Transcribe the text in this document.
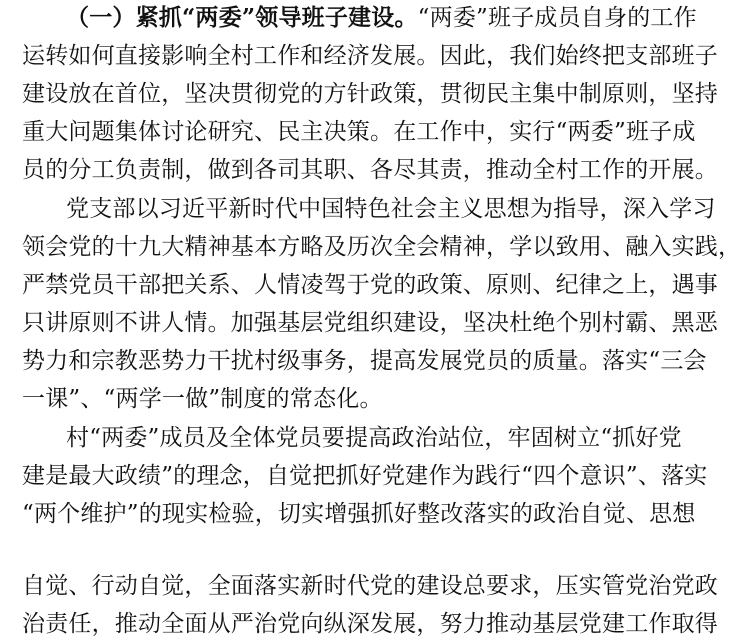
（一）紧抓“两委”领导班子建设。“两委”班子成员自身的工作
运转如何直接影响全村工作和经济发展。因此，我们始终把支部班子
建设放在首位，坚决贯彻党的方针政策，贯彻民主集中制原则，坚持
重大问题集体讨论研究、民主决策。在工作中，实行“两委”班子成
员的分工负责制，做到各司其职、各尽其责，推动全村工作的开展。
党支部以习近平新时代中国特色社会主义思想为指导，深入学习
领会党的十九大精神基本方略及历次全会精神，学以致用、融入实践，
严禁党员干部把关系、人情凌驾于党的政策、原则、纪律之上，遇事
只讲原则不讲人情。加强基层党组织建设，坚决杜绝个别村霸、黑恶
势力和宗教恶势力干扰村级事务，提高发展党员的质量。落实“三会
一课”、“两学一做”制度的常态化。
村“两委”成员及全体党员要提高政治站位，牢固树立“抓好党
建是最大政绩”的理念，自觉把抓好党建作为践行“四个意识”、落实
“两个维护”的现实检验，切实增强抓好整改落实的政治自觉、思想
自觉、行动自觉，全面落实新时代党的建设总要求，压实管党治党政
治责任，推动全面从严治党向纵深发展，努力推动基层党建工作取得
